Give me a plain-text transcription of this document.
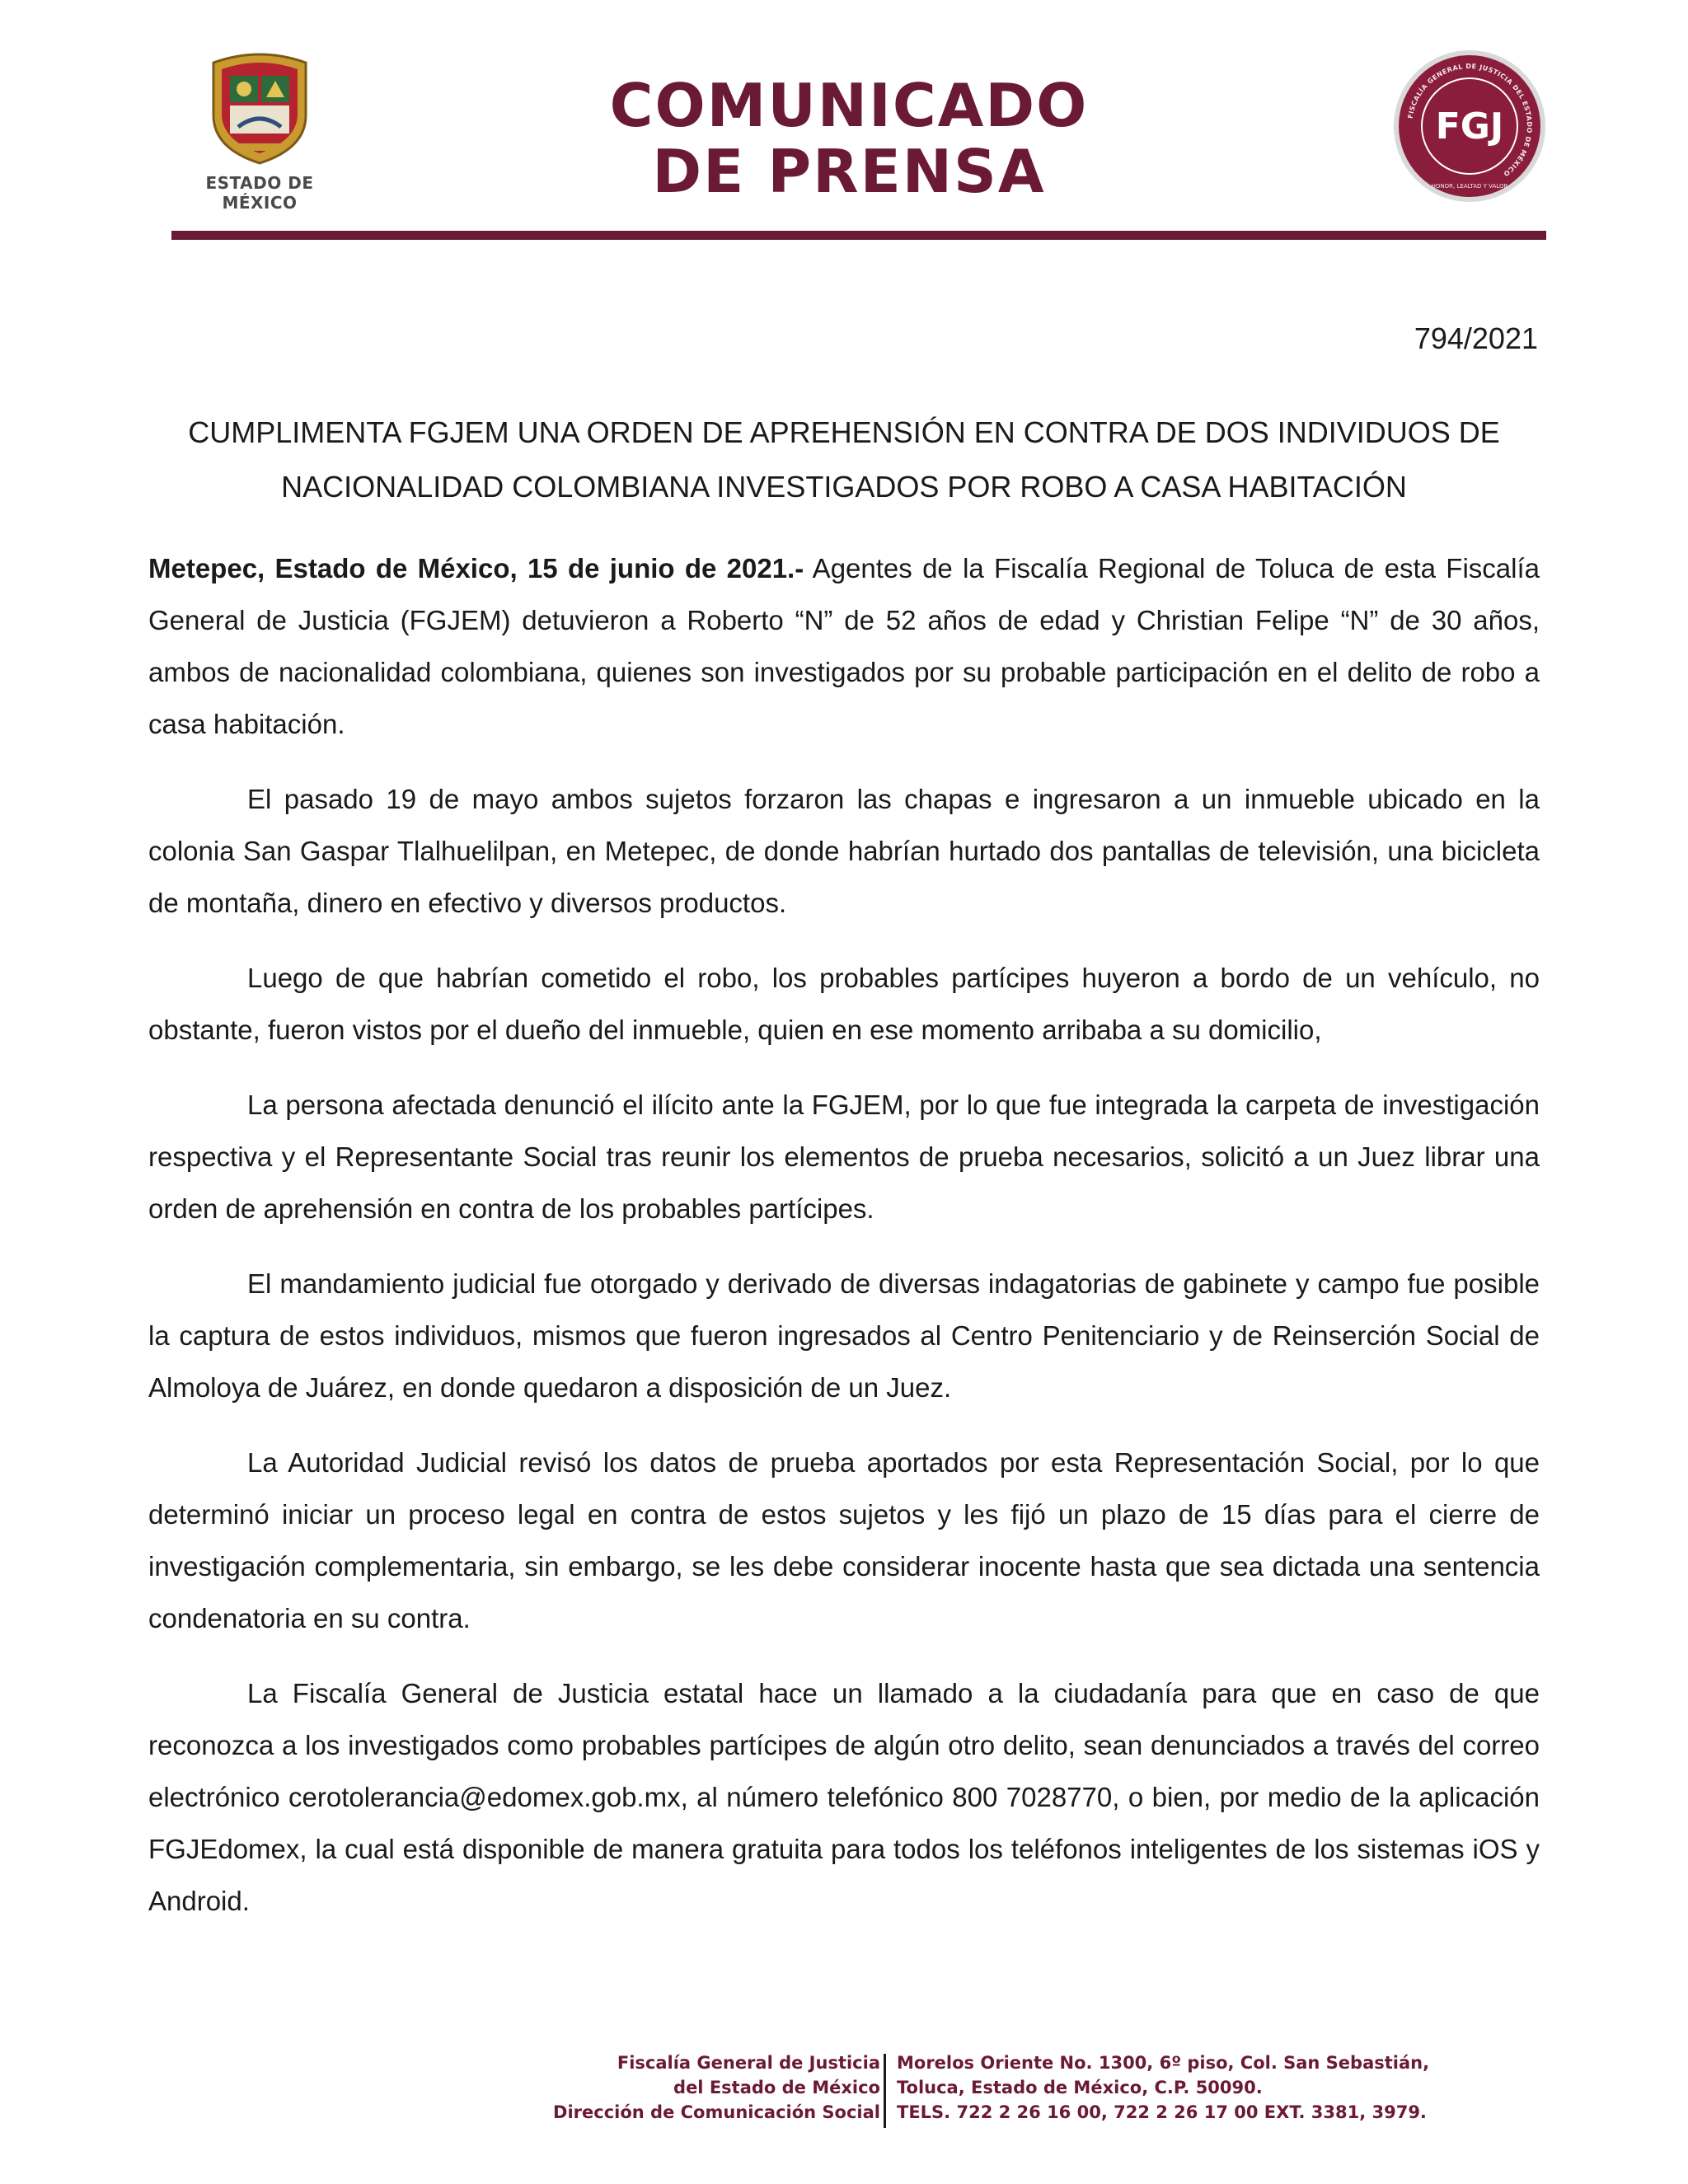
ESTADO DE MÉXICO
COMUNICADO
DE PRENSA
FISCALÍA GENERAL DE JUSTICIA DEL ESTADO DE MÉXICO
FGJ
HONOR, LEALTAD Y VALOR
794/2021
CUMPLIMENTA FGJEM UNA ORDEN DE APREHENSIÓN EN CONTRA DE DOS INDIVIDUOS DE NACIONALIDAD COLOMBIANA INVESTIGADOS POR ROBO A CASA HABITACIÓN

Metepec, Estado de México, 15 de junio de 2021.- Agentes de la Fiscalía Regional de Toluca de esta Fiscalía General de Justicia (FGJEM) detuvieron a Roberto “N” de 52 años de edad y Christian Felipe “N” de 30 años, ambos de nacionalidad colombiana, quienes son investigados por su probable participación en el delito de robo a casa habitación.

El pasado 19 de mayo ambos sujetos forzaron las chapas e ingresaron a un inmueble ubicado en la colonia San Gaspar Tlalhuelilpan, en Metepec, de donde habrían hurtado dos pantallas de televisión, una bicicleta de montaña, dinero en efectivo y diversos productos.

Luego de que habrían cometido el robo, los probables partícipes huyeron a bordo de un vehículo, no obstante, fueron vistos por el dueño del inmueble, quien en ese momento arribaba a su domicilio,

La persona afectada denunció el ilícito ante la FGJEM, por lo que fue integrada la carpeta de investigación respectiva y el Representante Social tras reunir los elementos de prueba necesarios, solicitó a un Juez librar una orden de aprehensión en contra de los probables partícipes.

El mandamiento judicial fue otorgado y derivado de diversas indagatorias de gabinete y campo fue posible la captura de estos individuos, mismos que fueron ingresados al Centro Penitenciario y de Reinserción Social de Almoloya de Juárez, en donde quedaron a disposición de un Juez.

La Autoridad Judicial revisó los datos de prueba aportados por esta Representación Social, por lo que determinó iniciar un proceso legal en contra de estos sujetos y les fijó un plazo de 15 días para el cierre de investigación complementaria, sin embargo, se les debe considerar inocente hasta que sea dictada una sentencia condenatoria en su contra.

La Fiscalía General de Justicia estatal hace un llamado a la ciudadanía para que en caso de que reconozca a los investigados como probables partícipes de algún otro delito, sean denunciados a través del correo electrónico cerotolerancia@edomex.gob.mx, al número telefónico 800 7028770, o bien, por medio de la aplicación FGJEdomex, la cual está disponible de manera gratuita para todos los teléfonos inteligentes de los sistemas iOS y Android.

Fiscalía General de Justicia
del Estado de México
Dirección de Comunicación Social
Morelos Oriente No. 1300, 6º piso, Col. San Sebastián,
Toluca, Estado de México, C.P. 50090.
TELS. 722 2 26 16 00, 722 2 26 17 00 EXT. 3381, 3979.
